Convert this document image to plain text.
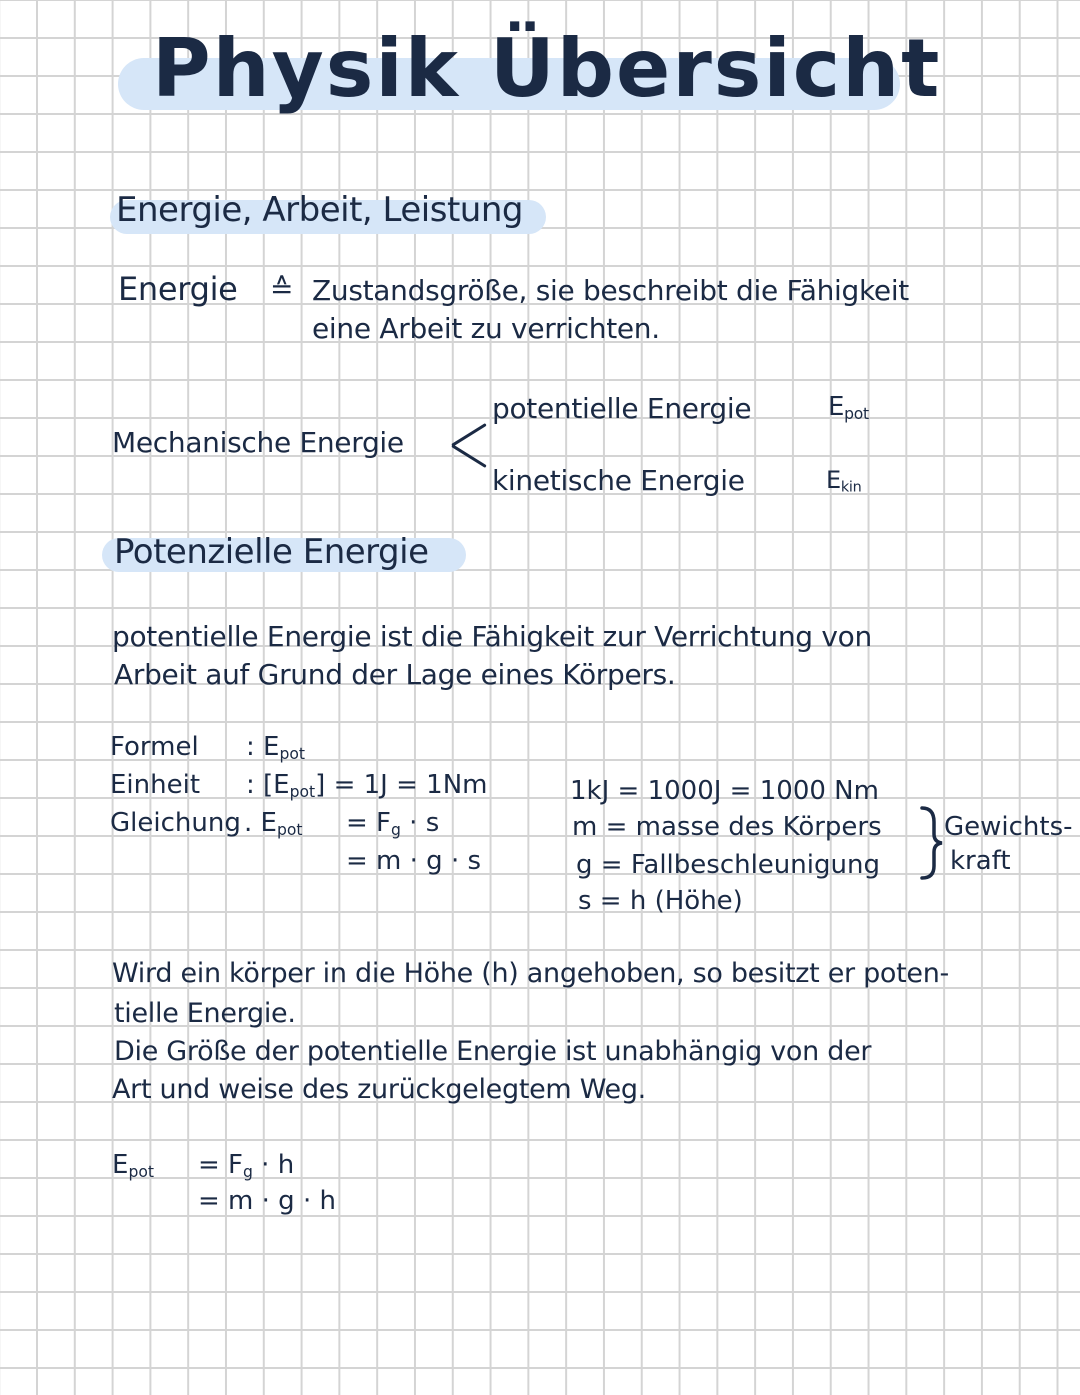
Physik Übersicht
Energie, Arbeit, Leistung
Energie ≙ Zustandsgröße, sie beschreibt die Fähigkeit
eine Arbeit zu verrichten.
Mechanische Energie
potentielle Energie	$E_{pot}$
kinetische Energie	$E_{kin}$
Potenzielle Energie
potentielle Energie ist die Fähigkeit zur Verrichtung von
Arbeit auf Grund der Lage eines Körpers.
Formel : $E_{pot}$
Einheit : $[E_{pot}] = 1J = 1Nm$
Gleichung . $E_{pot} = F_g \cdot s$
= m · g · s
1kJ = 1000J = 1000 Nm
m = masse des Körpers
g = Fallbeschleunigung
s = h (Höhe)
Gewichts-
kraft
Wird ein körper in die Höhe (h) angehoben, so besitzt er poten-
tielle Energie.
Die Größe der potentielle Energie ist unabhängig von der
Art und weise des zurückgelegtem Weg.
$E_{pot} = F_g \cdot h$
= m · g · h
